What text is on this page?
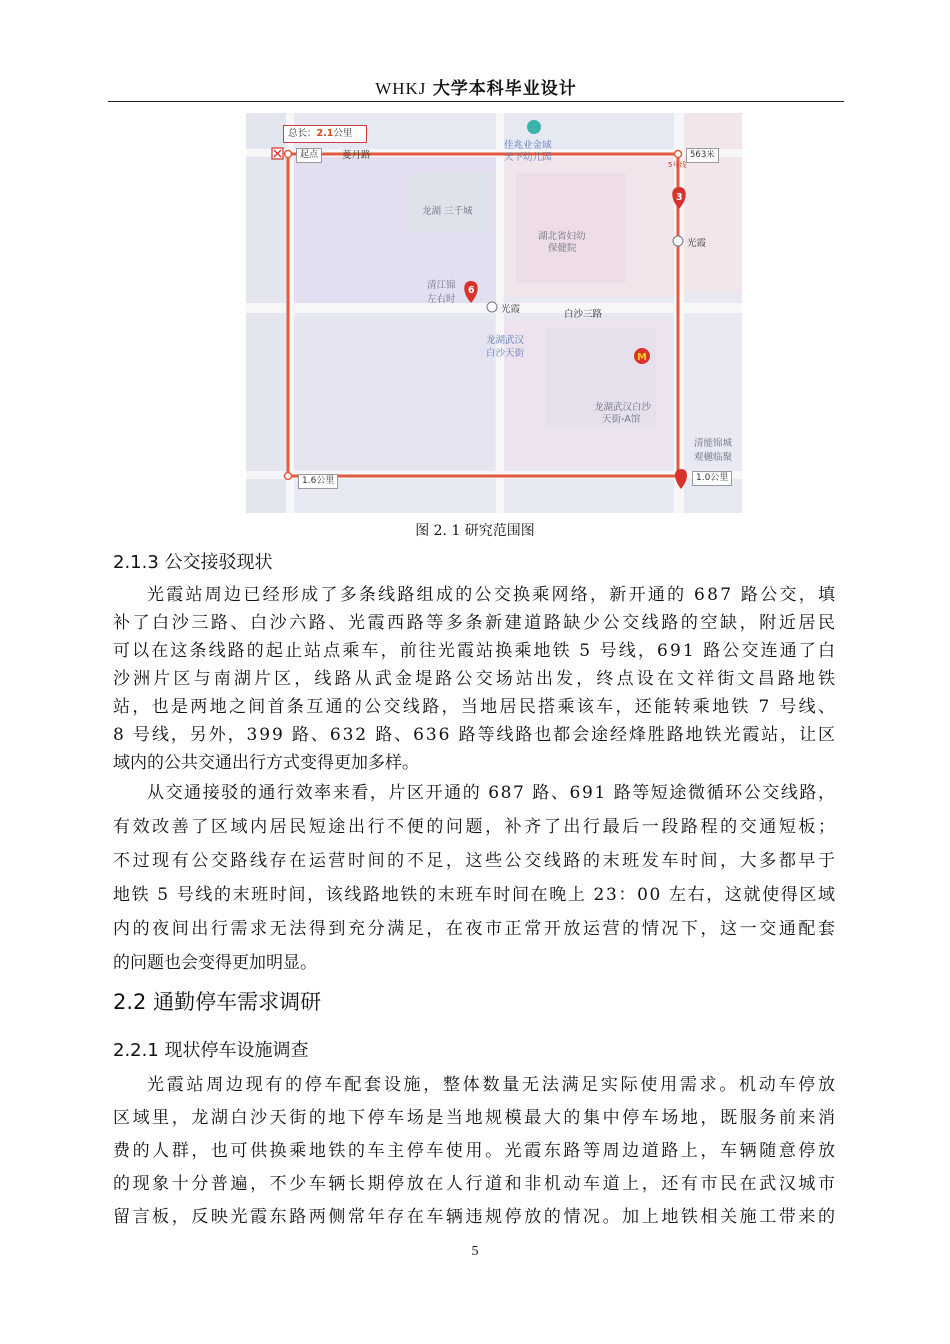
WHKJ 大学本科毕业设计
M
总长：2.1公里
起点	菱月路
佳兆业金域
天下幼儿园	563米
5号线
龙湖 三千城
湖北省妇幼
保健院	光霞
清江锦
左右时
光霞	白沙三路
龙湖武汉
白沙天街
龙湖武汉白沙
天街-A馆
清能锦城
观樾临聚
1.6公里	1.0公里
3
6
图 2. 1 研究范围图
2.1.3 公交接驳现状
光霞站周边已经形成了多条线路组成的公交换乘网络，新开通的 687 路公交，填
补了白沙三路、白沙六路、光霞西路等多条新建道路缺少公交线路的空缺，附近居民
可以在这条线路的起止站点乘车，前往光霞站换乘地铁 5 号线，691 路公交连通了白
沙洲片区与南湖片区，线路从武金堤路公交场站出发，终点设在文祥街文昌路地铁
站，也是两地之间首条互通的公交线路，当地居民搭乘该车，还能转乘地铁 7 号线、
8 号线，另外，399 路、632 路、636 路等线路也都会途经烽胜路地铁光霞站，让区
域内的公共交通出行方式变得更加多样。
从交通接驳的通行效率来看，片区开通的 687 路、691 路等短途微循环公交线路，
有效改善了区域内居民短途出行不便的问题，补齐了出行最后一段路程的交通短板；
不过现有公交路线存在运营时间的不足，这些公交线路的末班发车时间，大多都早于
地铁 5 号线的末班时间，该线路地铁的末班车时间在晚上 23：00 左右，这就使得区域
内的夜间出行需求无法得到充分满足，在夜市正常开放运营的情况下，这一交通配套
的问题也会变得更加明显。
2.2 通勤停车需求调研
2.2.1 现状停车设施调查
光霞站周边现有的停车配套设施，整体数量无法满足实际使用需求。机动车停放
区域里，龙湖白沙天街的地下停车场是当地规模最大的集中停车场地，既服务前来消
费的人群，也可供换乘地铁的车主停车使用。光霞东路等周边道路上，车辆随意停放
的现象十分普遍，不少车辆长期停放在人行道和非机动车道上，还有市民在武汉城市
留言板，反映光霞东路两侧常年存在车辆违规停放的情况。加上地铁相关施工带来的
5
